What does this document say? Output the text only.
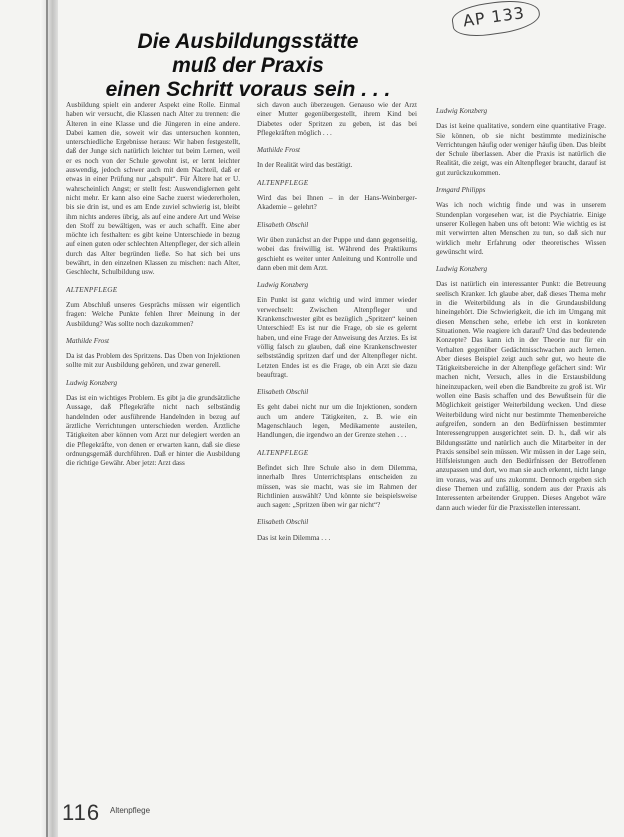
AP 133
Die Ausbildungsstätte
muß der Praxis
einen Schritt voraus sein . . .

Ausbildung spielt ein anderer Aspekt eine Rolle. Einmal haben wir versucht, die Klassen nach Alter zu trennen: die Älteren in eine Klasse und die Jüngeren in eine andere. Dabei kamen die, soweit wir das untersuchen konnten, unterschiedliche Ergebnisse heraus: Wir haben festgestellt, daß der Junge sich natürlich leichter tut beim Lernen, weil er es noch von der Schule gewohnt ist, er lernt leichter auswendig, jedoch schwer auch mit dem Nachteil, daß er etwas in einer Prüfung nur „abspult“. Für Ältere hat er U. wahrscheinlich Angst; er stellt fest: Auswendiglernen geht nicht mehr. Er kann also eine Sache zuerst wiedererholen, bis sie drin ist, und es am Ende zuviel schwierig ist, bleibt ihm nichts anderes übrig, als auf eine andere Art und Weise den Stoff zu bewältigen, was er auch schafft. Eine aber möchte ich festhalten: es gibt keine Unterschiede in bezug auf einen guten oder schlechten Altenpfleger, der sich allein durch das Alter begründen ließe. So hat sich bei uns bewährt, in den einzelnen Klassen zu mischen: nach Alter, Geschlecht, Schulbildung usw.

ALTENPFLEGE

Zum Abschluß unseres Gesprächs müssen wir eigentlich fragen: Welche Punkte fehlen Ihrer Meinung in der Ausbildung? Was sollte noch dazukommen?

Mathilde Frost

Da ist das Problem des Spritzens. Das Üben von Injektionen sollte mit zur Ausbildung gehören, und zwar generell.

Ludwig Konzberg

Das ist ein wichtiges Problem. Es gibt ja die grundsätzliche Aussage, daß Pflegekräfte nicht nach selbständig handelnden oder ausführende Handelnden in bezug auf ärztliche Verrichtungen unterschieden werden. Ärztliche Tätigkeiten aber können vom Arzt nur delegiert werden an die Pflegekräfte, von denen er erwarten kann, daß sie diese ordnungsgemäß durchführen. Daß er hinter die Ausbildung die richtige Gewähr. Aber jetzt: Arzt dass

sich davon auch überzeugen. Genauso wie der Arzt einer Mutter gegenübergestellt, ihrem Kind bei Diabetes oder Spritzen zu geben, ist das bei Pflegekräften möglich . . .

Mathilde Frost

In der Realität wird das bestätigt.

ALTENPFLEGE

Wird das bei Ihnen – in der Hans-Weinberger-Akademie – gelehrt?

Elisabeth Obschil

Wir üben zunächst an der Puppe und dann gegenseitig, wobei das freiwillig ist. Während des Praktikums geschieht es weiter unter Anleitung und Kontrolle und dann eben mit dem Arzt.

Ludwig Konzberg

Ein Punkt ist ganz wichtig und wird immer wieder verwechselt: Zwischen Altenpfleger und Krankenschwester gibt es bezüglich „Spritzen“ keinen Unterschied! Es ist nur die Frage, ob sie es gelernt haben, und eine Frage der Anweisung des Arztes. Es ist völlig falsch zu glauben, daß eine Krankenschwester selbstständig spritzen darf und der Altenpfleger nicht. Letzten Endes ist es die Frage, ob ein Arzt sie dazu beauftragt.

Elisabeth Obschil

Es geht dabei nicht nur um die Injektionen, sondern auch um andere Tätigkeiten, z. B. wie ein Magenschlauch legen, Medikamente austeilen, Handlungen, die irgendwo an der Grenze stehen . . .

ALTENPFLEGE

Befindet sich Ihre Schule also in dem Dilemma, innerhalb Ihres Unterrichtsplans entscheiden zu müssen, was sie macht, was sie im Rahmen der Richtlinien auswählt? Und könnte sie beispielsweise auch sagen: „Spritzen üben wir gar nicht“?

Elisabeth Obschil

Das ist kein Dilemma . . .

Ludwig Konzberg

Das ist keine qualitative, sondern eine quantitative Frage. Sie können, ob sie nicht bestimmte medizinische Verrichtungen häufig oder weniger häufig üben. Das bleibt der Schule überlassen. Aber die Praxis ist natürlich die Realität, die zeigt, was ein Altenpfleger braucht, darauf ist gut zurückzukommen.

Irmgard Philipps

Was ich noch wichtig finde und was in unserem Stundenplan vorgesehen war, ist die Psychiatrie. Einige unserer Kollegen haben uns oft betont: Wie wichtig es ist mit verwirrten alten Menschen zu tun, so daß sich nur wirklich mehr Erfahrung oder theoretisches Wissen gewünscht wird.

Ludwig Konzberg

Das ist natürlich ein interessanter Punkt: die Betreuung seelisch Kranker. Ich glaube aber, daß dieses Thema mehr in die Weiterbildung als in die Grundausbildung hineingehört. Die Schwierigkeit, die ich im Umgang mit diesen Menschen sehe, erlebe ich erst in konkreten Situationen. Wie reagiere ich darauf? Und das bedeutende Konzepte? Das kann ich in der Theorie nur für ein Verhalten gegenüber Gedächtnisschwachen auch lernen. Aber dieses Beispiel zeigt auch sehr gut, wo heute die Tätigkeitsbereiche in der Altenpflege gefächert sind: Wir machen nicht, Versuch, alles in die Erstausbildung hineinzupacken, weil eben die Bandbreite zu groß ist. Wir wollen eine Basis schaffen und des Bewußtsein für die Möglichkeit geistiger Weiterbildung wecken. Und diese Weiterbildung wird nicht nur bestimmte Themenbereiche aufgreifen, sondern an den Bedürfnissen bestimmter Interessengruppen ausgerichtet sein. D. h., daß wir als Bildungsstätte und natürlich auch die Mitarbeiter in der Praxis sensibel sein müssen. Wir müssen in der Lage sein, Hilfsleistungen auch den Bedürfnissen der Betroffenen anzupassen und dort, wo man sie auch erkennt, nicht lange im voraus, was auf uns zukommt. Dennoch ergeben sich diese Themen und zufällig, sondern aus der Praxis als Interessenten arbeitender Gruppen. Dieses Angebot wäre dann auch wieder für die Praxisstellen interessant.

116 Altenpflege
